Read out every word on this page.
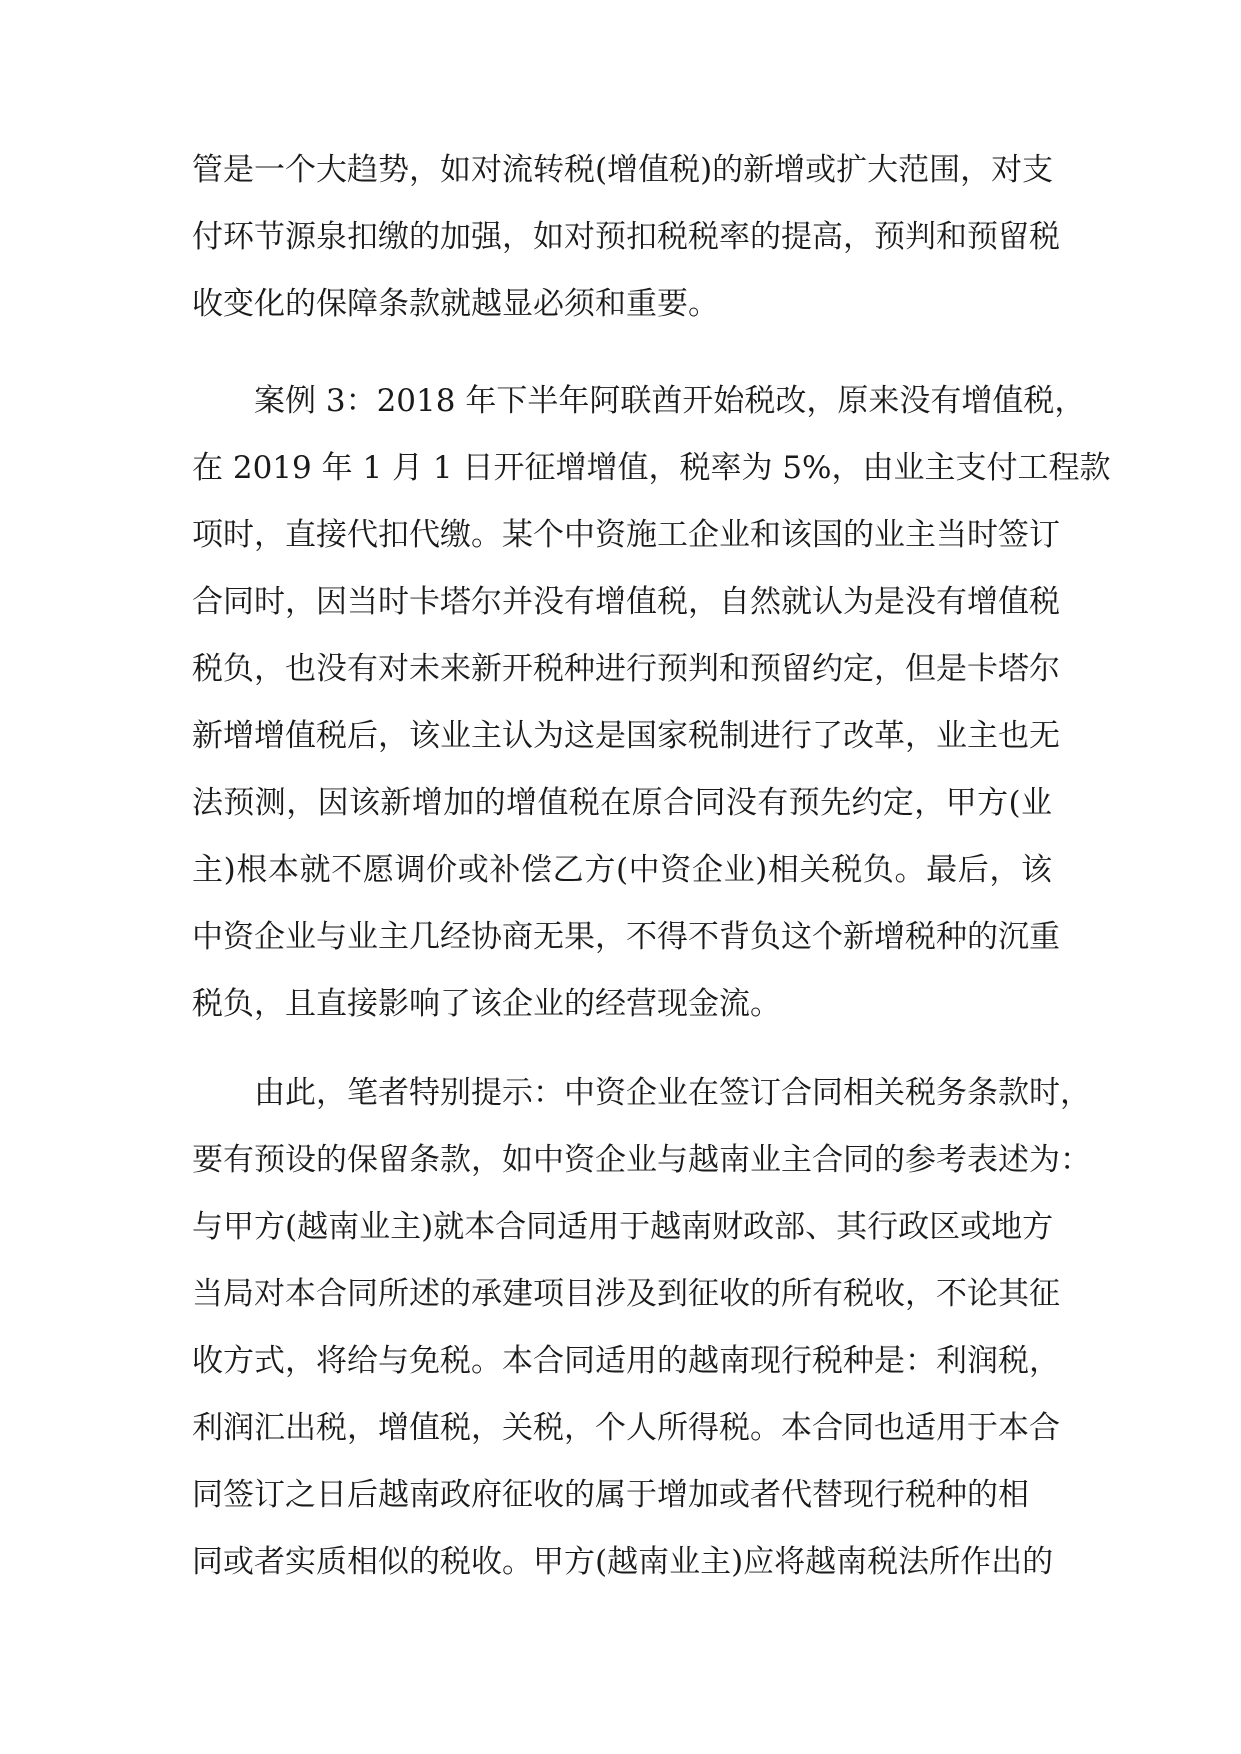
管是一个大趋势，如对流转税(增值税)的新增或扩大范围，对支
付环节源泉扣缴的加强，如对预扣税税率的提高，预判和预留税
收变化的保障条款就越显必须和重要。
案例 3：2018 年下半年阿联酋开始税改，原来没有增值税，
在 2019 年 1 月 1 日开征增增值，税率为 5%，由业主支付工程款
项时，直接代扣代缴。某个中资施工企业和该国的业主当时签订
合同时，因当时卡塔尔并没有增值税，自然就认为是没有增值税
税负，也没有对未来新开税种进行预判和预留约定，但是卡塔尔
新增增值税后，该业主认为这是国家税制进行了改革，业主也无
法预测，因该新增加的增值税在原合同没有预先约定，甲方(业
主)根本就不愿调价或补偿乙方(中资企业)相关税负。最后，该
中资企业与业主几经协商无果，不得不背负这个新增税种的沉重
税负，且直接影响了该企业的经营现金流。
由此，笔者特别提示：中资企业在签订合同相关税务条款时，
要有预设的保留条款，如中资企业与越南业主合同的参考表述为：
与甲方(越南业主)就本合同适用于越南财政部、其行政区或地方
当局对本合同所述的承建项目涉及到征收的所有税收，不论其征
收方式，将给与免税。本合同适用的越南现行税种是：利润税，
利润汇出税，增值税，关税，个人所得税。本合同也适用于本合
同签订之日后越南政府征收的属于增加或者代替现行税种的相
同或者实质相似的税收。甲方(越南业主)应将越南税法所作出的
